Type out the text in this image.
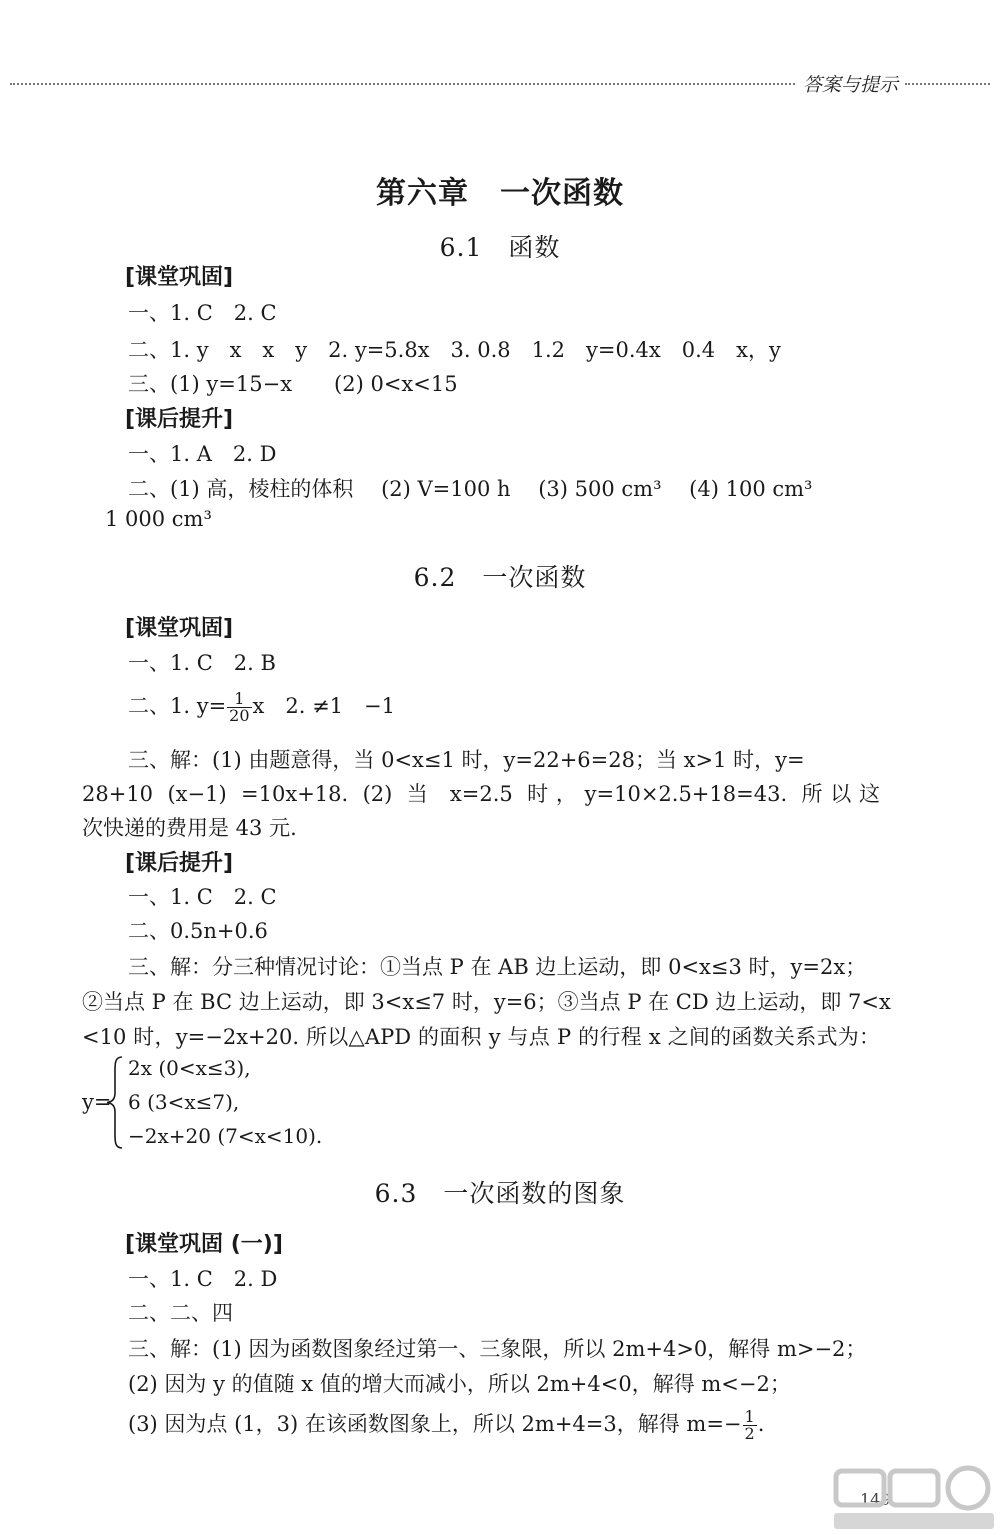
答案与提示
第六章　一次函数
6.1　函数
[课堂巩固]
一、1. C　2. C
二、1. y　x　x　y　2. y=5.8x　3. 0.8　1.2　y=0.4x　0.4　x，y
三、(1) y=15−x　　(2) 0<x<15
[课后提升]
一、1. A　2. D
二、(1) 高，棱柱的体积　 (2) V=100 h　 (3) 500 cm³　 (4) 100 cm³
1 000 cm³
6.2　一次函数
[课堂巩固]
一、1. C　2. B
二、1. $y= \frac{1}{20}$ x　2. ≠1　−1
三、解：(1) 由题意得，当 0<x≤1 时，y=22+6=28；当 x>1 时，y=
28+10 (x−1) =10x+18. (2) 当 x=2.5 时，y=10×2.5+18=43. 所以这
次快递的费用是 43 元.
[课后提升]
一、1. C　2. C
二、0.5n+0.6
三、解：分三种情况讨论：①当点 P 在 AB 边上运动，即 0<x≤3 时，y=2x；
②当点 P 在 BC 边上运动，即 3<x≤7 时，y=6；③当点 P 在 CD 边上运动，即 7<x
<10 时，y=−2x+20. 所以△APD 的面积 y 与点 P 的行程 x 之间的函数关系式为：
y=
2x (0<x≤3),
6 (3<x≤7),
−2x+20 (7<x<10).
6.3　一次函数的图象
[课堂巩固 (一)]
一、1. C　2. D
二、二、四
三、解：(1) 因为函数图象经过第一、三象限，所以 2m+4>0，解得 m>−2；
(2) 因为 y 的值随 x 值的增大而减小，所以 2m+4<0，解得 m<−2；
(3) 因为点 (1，3) 在该函数图象上，所以 2m+4=3，解得 $m=- \frac{1}{2}$ .
149
